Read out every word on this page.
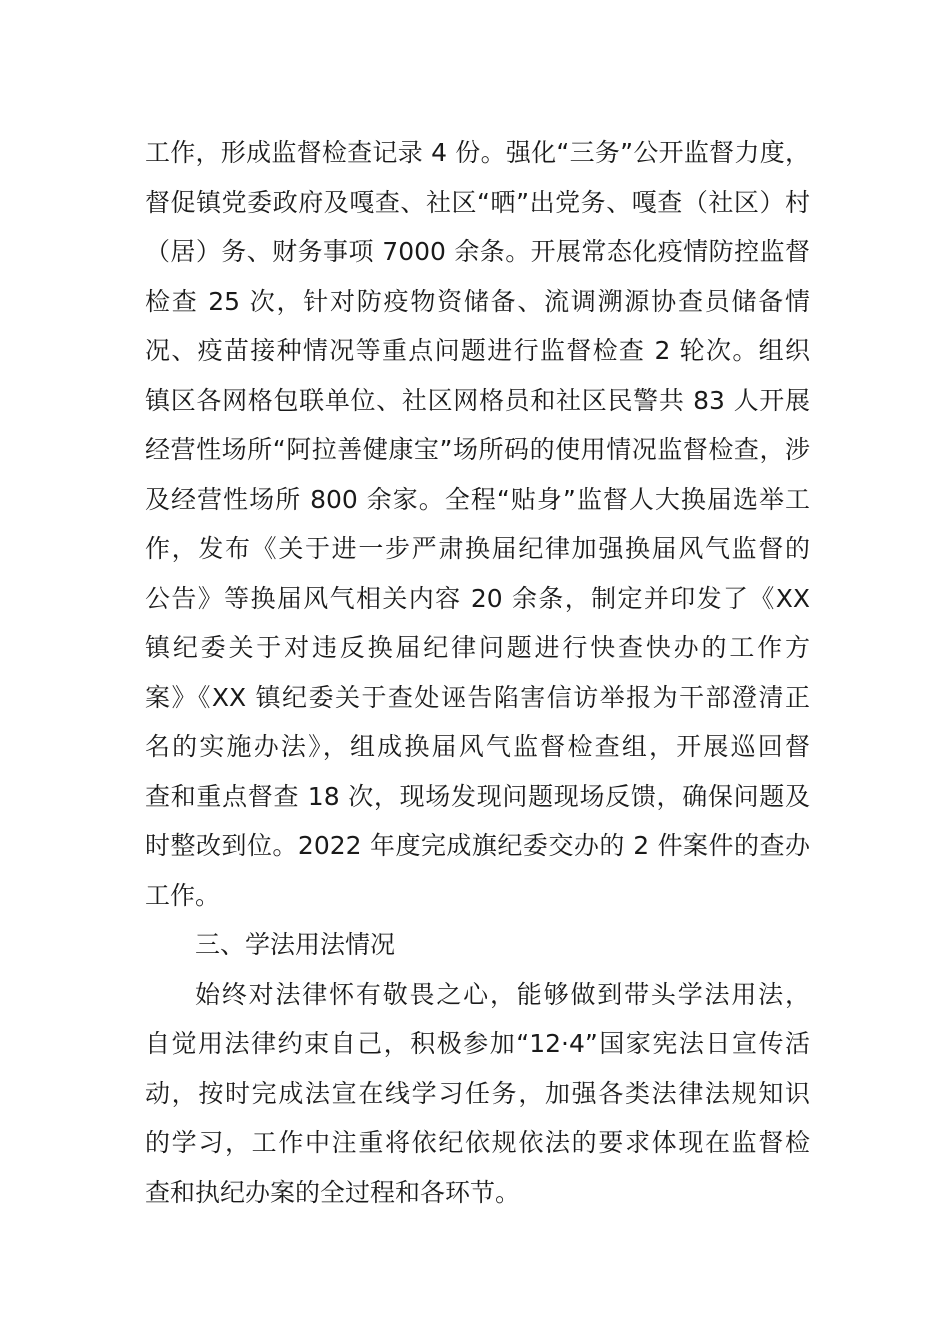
工作，形成监督检查记录 4 份。强化“三务”公开监督力度，
督促镇党委政府及嘎查、社区“晒”出党务、嘎查（社区）村
（居）务、财务事项 7000 余条。开展常态化疫情防控监督
检查 25 次，针对防疫物资储备、流调溯源协查员储备情
况、疫苗接种情况等重点问题进行监督检查 2 轮次。组织
镇区各网格包联单位、社区网格员和社区民警共 83 人开展
经营性场所“阿拉善健康宝”场所码的使用情况监督检查，涉
及经营性场所 800 余家。全程“贴身”监督人大换届选举工
作，发布《关于进一步严肃换届纪律加强换届风气监督的
公告》等换届风气相关内容 20 余条，制定并印发了《XX
镇纪委关于对违反换届纪律问题进行快查快办的工作方
案》《XX 镇纪委关于查处诬告陷害信访举报为干部澄清正
名的实施办法》，组成换届风气监督检查组，开展巡回督
查和重点督查 18 次，现场发现问题现场反馈，确保问题及
时整改到位。2022 年度完成旗纪委交办的 2 件案件的查办
工作。
三、学法用法情况
始终对法律怀有敬畏之心，能够做到带头学法用法，
自觉用法律约束自己，积极参加“12·4”国家宪法日宣传活
动，按时完成法宣在线学习任务，加强各类法律法规知识
的学习，工作中注重将依纪依规依法的要求体现在监督检
查和执纪办案的全过程和各环节。
